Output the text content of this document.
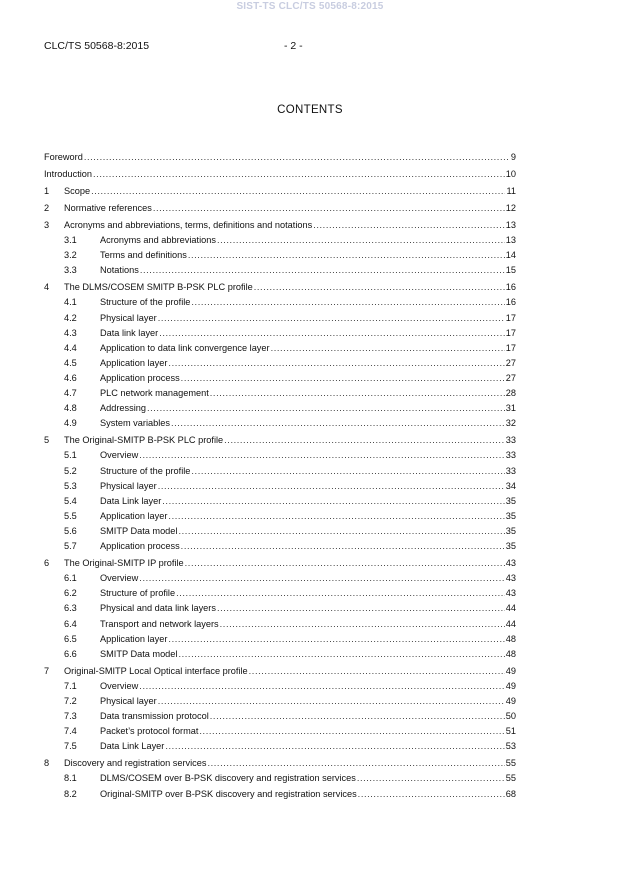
SIST-TS CLC/TS 50568-8:2015
CLC/TS 50568-8:2015	- 2 -
CONTENTS
Foreword .....	9
Introduction .....	10
1 Scope .....	11
2 Normative references .....	12
3 Acronyms and abbreviations, terms, definitions and notations .....	13
3.1	Acronyms and abbreviations .....	13
3.2	Terms and definitions .....	14
3.3	Notations .....	15
4 The DLMS/COSEM SMITP B-PSK PLC profile .....	16
4.1	Structure of the profile .....	16
4.2	Physical layer .....	17
4.3	Data link layer .....	17
4.4	Application to data link convergence layer .....	17
4.5	Application layer .....	27
4.6	Application process .....	27
4.7	PLC network management .....	28
4.8	Addressing .....	31
4.9	System variables .....	32
5 The Original-SMITP B-PSK PLC profile .....	33
5.1	Overview .....	33
5.2	Structure of the profile .....	33
5.3	Physical layer .....	34
5.4	Data Link layer .....	35
5.5	Application layer .....	35
5.6	SMITP Data model .....	35
5.7	Application process .....	35
6 The Original-SMITP IP profile .....	43
6.1	Overview .....	43
6.2	Structure of profile .....	43
6.3	Physical and data link layers .....	44
6.4	Transport and network layers .....	44
6.5	Application layer .....	48
6.6	SMITP Data model .....	48
7 Original-SMITP Local Optical interface profile .....	49
7.1	Overview .....	49
7.2	Physical layer .....	49
7.3	Data transmission protocol .....	50
7.4	Packet’s protocol format .....	51
7.5	Data Link Layer .....	53
8 Discovery and registration services .....	55
8.1	DLMS/COSEM over B-PSK discovery and registration services .....	55
8.2	Original-SMITP over B-PSK discovery and registration services .....	68
